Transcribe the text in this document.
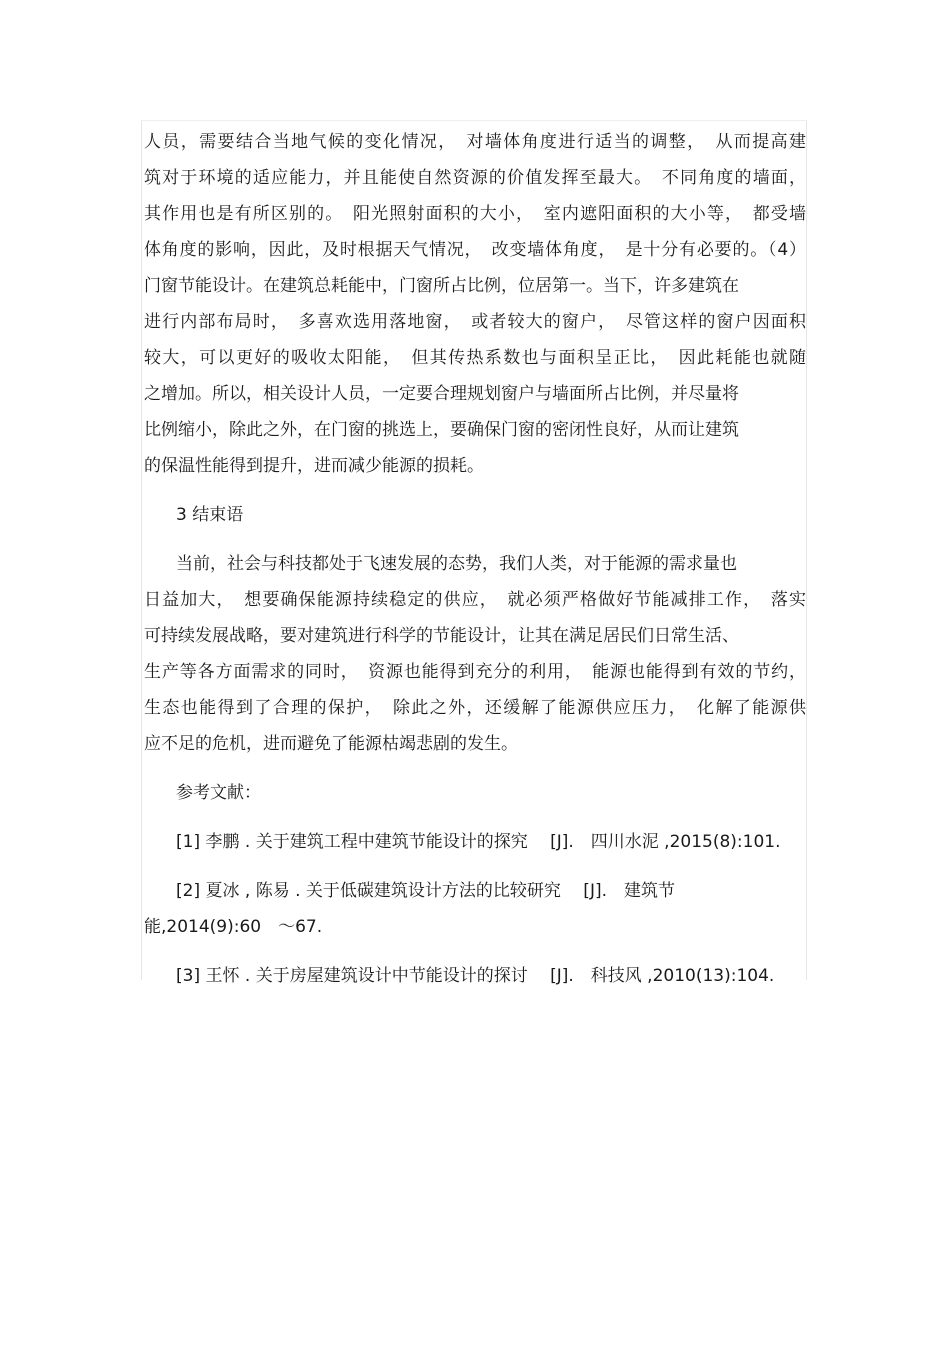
人员，需要结合当地气候的变化情况，　对墙体角度进行适当的调整，　从而提高建
筑对于环境的适应能力，并且能使自然资源的价值发挥至最大。　不同角度的墙面，
其作用也是有所区别的。　阳光照射面积的大小，　室内遮阳面积的大小等，　都受墙
体角度的影响，因此，及时根据天气情况，　改变墙体角度，　是十分有必要的。（4）
门窗节能设计。在建筑总耗能中，门窗所占比例，位居第一。当下，许多建筑在
进行内部布局时，　多喜欢选用落地窗，　或者较大的窗户，　尽管这样的窗户因面积
较大，可以更好的吸收太阳能，　但其传热系数也与面积呈正比，　因此耗能也就随
之增加。所以，相关设计人员，一定要合理规划窗户与墙面所占比例，并尽量将
比例缩小，除此之外，在门窗的挑选上，要确保门窗的密闭性良好，从而让建筑
的保温性能得到提升，进而减少能源的损耗。
3 结束语
当前，社会与科技都处于飞速发展的态势，我们人类，对于能源的需求量也
日益加大，　想要确保能源持续稳定的供应，　就必须严格做好节能减排工作，　落实
可持续发展战略，要对建筑进行科学的节能设计，让其在满足居民们日常生活、
生产等各方面需求的同时，　资源也能得到充分的利用，　能源也能得到有效的节约，
生态也能得到了合理的保护，　除此之外，还缓解了能源供应压力，　化解了能源供
应不足的危机，进而避免了能源枯竭悲剧的发生。
参考文献：
[1] 李鹏 . 关于建筑工程中建筑节能设计的探究　 [J].　四川水泥 ,2015(8):101.
[2] 夏冰 , 陈易 . 关于低碳建筑设计方法的比较研究　 [J].　建筑节
能,2014(9):60　～67.
[3] 王怀 . 关于房屋建筑设计中节能设计的探讨　 [J].　科技风 ,2010(13):104.
